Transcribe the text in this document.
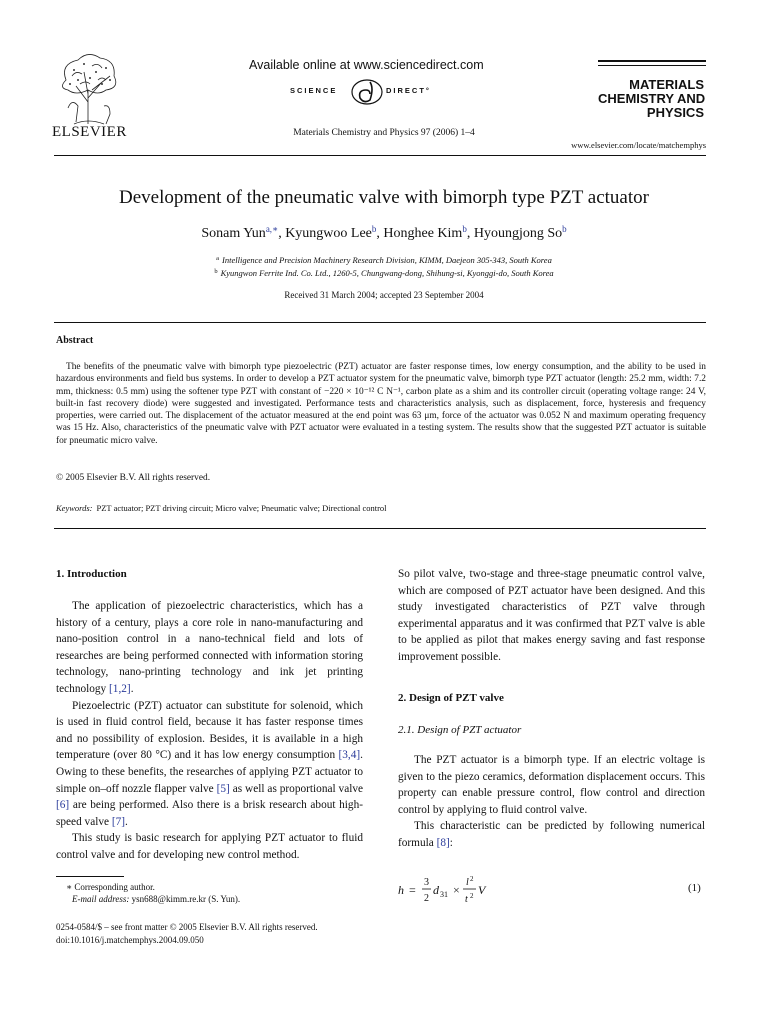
ELSEVIER
Available online at www.sciencedirect.com
SCIENCE	DIRECT°
Materials Chemistry and Physics 97 (2006) 1–4
MATERIALS
CHEMISTRY AND
PHYSICS
www.elsevier.com/locate/matchemphys
Development of the pneumatic valve with bimorph type PZT actuator
Sonam Yun$^{a,∗}$, Kyungwoo Lee$^b$, Honghee Kim$^b$, Hyoungjong So$^b$
$^a$ Intelligence and Precision Machinery Research Division, KIMM, Daejeon 305-343, South Korea
$^b$ Kyungwon Ferrite Ind. Co. Ltd., 1260-5, Chungwang-dong, Shihung-si, Kyonggi-do, South Korea
Received 31 March 2004; accepted 23 September 2004
Abstract

The benefits of the pneumatic valve with bimorph type piezoelectric (PZT) actuator are faster response times, low energy consumption, and the ability to be used in hazardous environments and field bus systems. In order to develop a PZT actuator system for the pneumatic valve, bimorph type PZT actuator (length: 25.2 mm, width: 7.2 mm, thickness: 0.5 mm) using the softener type PZT with constant of −220 × 10⁻¹² C N⁻¹, carbon plate as a shim and its controller circuit (operating voltage range: 24 V, built-in fast recovery diode) were suggested and investigated. Performance tests and characteristics analysis, such as displacement, force, hysteresis and frequency properties, were carried out. The displacement of the actuator measured at the end point was 63 μm, force of the actuator was 0.052 N and maximum operating frequency was 15 Hz. Also, characteristics of the pneumatic valve with PZT actuator were evaluated in a testing system. The results show that the suggested PZT actuator is suitable for pneumatic micro valve.

© 2005 Elsevier B.V. All rights reserved.
Keywords: PZT actuator; PZT driving circuit; Micro valve; Pneumatic valve; Directional control
1. Introduction

The application of piezoelectric characteristics, which has a history of a century, plays a core role in nano-manufacturing and nano-position control in a nano-technical field and lots of researches are being performed connected with information storing technology, nano-printing technology and ink jet printing technology [1,2].

Piezoelectric (PZT) actuator can substitute for solenoid, which is used in fluid control field, because it has faster response times and no possibility of explosion. Besides, it is available in a high temperature (over 80 °C) and it has low energy consumption [3,4]. Owing to these benefits, the researches of applying PZT actuator to simple on–off nozzle flapper valve [5] as well as proportional valve [6] are being performed. Also there is a brisk research about high-speed valve [7].

This study is basic research for applying PZT actuator to fluid control valve and for developing new control method.

∗ Corresponding author.
E-mail address: ysn688@kimm.re.kr (S. Yun).
0254-0584/$ – see front matter © 2005 Elsevier B.V. All rights reserved.
doi:10.1016/j.matchemphys.2004.09.050

So pilot valve, two-stage and three-stage pneumatic control valve, which are composed of PZT actuator have been designed. And this study investigated characteristics of PZT valve through experimental apparatus and it was confirmed that PZT valve is able to be applied as pilot that makes energy saving and fast response improvement possible.

2. Design of PZT valve
2.1. Design of PZT actuator

The PZT actuator is a bimorph type. If an electric voltage is given to the piezo ceramics, deformation displacement occurs. This property can enable pressure control, flow control and direction control by applying to fluid control valve.

This characteristic can be predicted by following numerical formula [8]:

h =
3
2
d 31 ×
l 2
t 2 V	(1)
